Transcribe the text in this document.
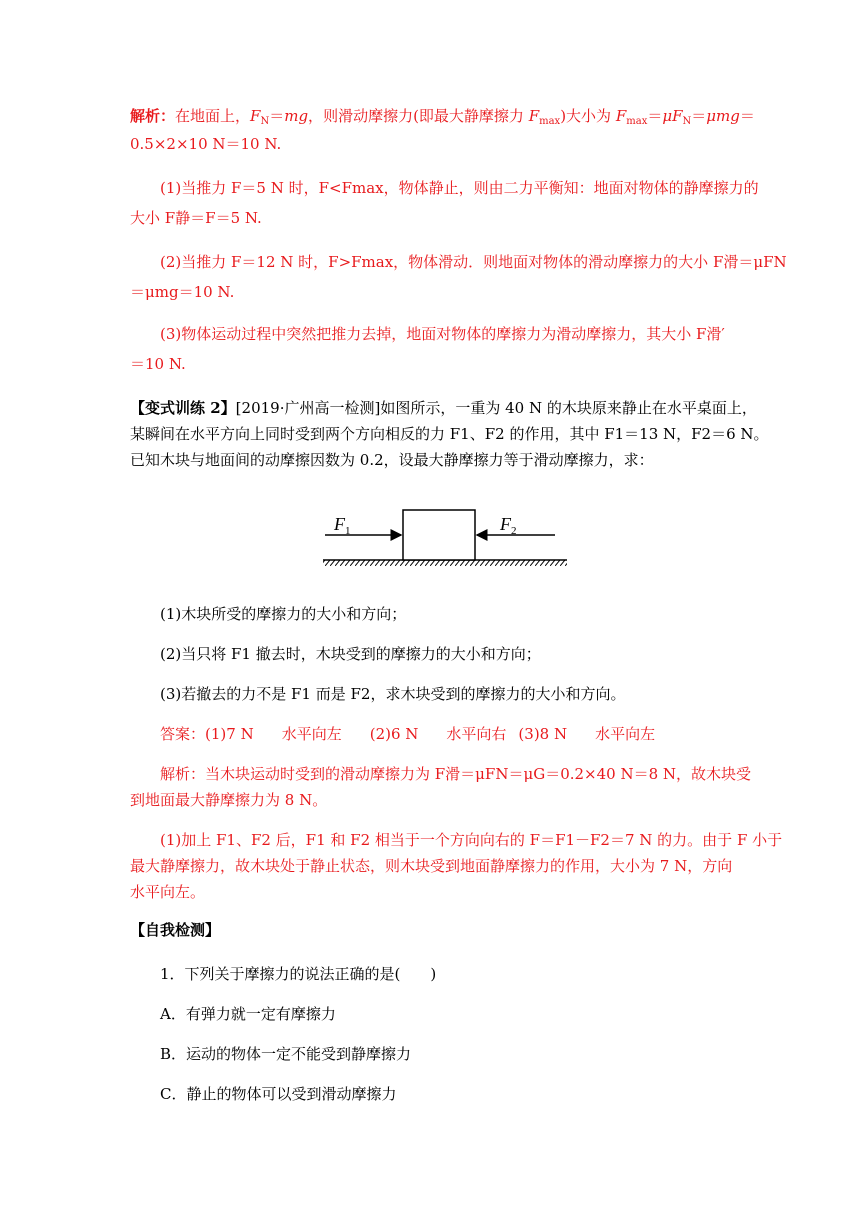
解析：在地面上，$F_N=mg$，则滑动摩擦力(即最大静摩擦力 $F_{max}$)大小为 $F_{max}=\mu F_N=\mu mg=$
0.5×2×10 N＝10 N.
(1)当推力 F＝5 N 时，F<Fmax，物体静止，则由二力平衡知：地面对物体的静摩擦力的
大小 F静＝F＝5 N.
(2)当推力 F＝12 N 时，F>Fmax，物体滑动．则地面对物体的滑动摩擦力的大小 F滑＝μFN
＝μmg＝10 N.
(3)物体运动过程中突然把推力去掉，地面对物体的摩擦力为滑动摩擦力，其大小 F滑′
＝10 N.
【变式训练 2】[2019·广州高一检测]如图所示，一重为 40 N 的木块原来静止在水平桌面上，
某瞬间在水平方向上同时受到两个方向相反的力 F1、F2 的作用，其中 F1＝13 N，F2＝6 N。
已知木块与地面间的动摩擦因数为 0.2，设最大静摩擦力等于滑动摩擦力，求：
$F_1$	$F_2$
(1)木块所受的摩擦力的大小和方向；
(2)当只将 F1 撤去时，木块受到的摩擦力的大小和方向；
(3)若撤去的力不是 F1 而是 F2，求木块受到的摩擦力的大小和方向。
答案：(1)7 N 水平向左 (2)6 N 水平向右 (3)8 N 水平向左
解析：当木块运动时受到的滑动摩擦力为 F滑＝μFN＝μG＝0.2×40 N＝8 N，故木块受
到地面最大静摩擦力为 8 N。
(1)加上 F1、F2 后，F1 和 F2 相当于一个方向向右的 F＝F1－F2＝7 N 的力。由于 F 小于
最大静摩擦力，故木块处于静止状态，则木块受到地面静摩擦力的作用，大小为 7 N，方向
水平向左。
【自我检测】
1．下列关于摩擦力的说法正确的是(　　)
A．有弹力就一定有摩擦力
B．运动的物体一定不能受到静摩擦力
C．静止的物体可以受到滑动摩擦力
